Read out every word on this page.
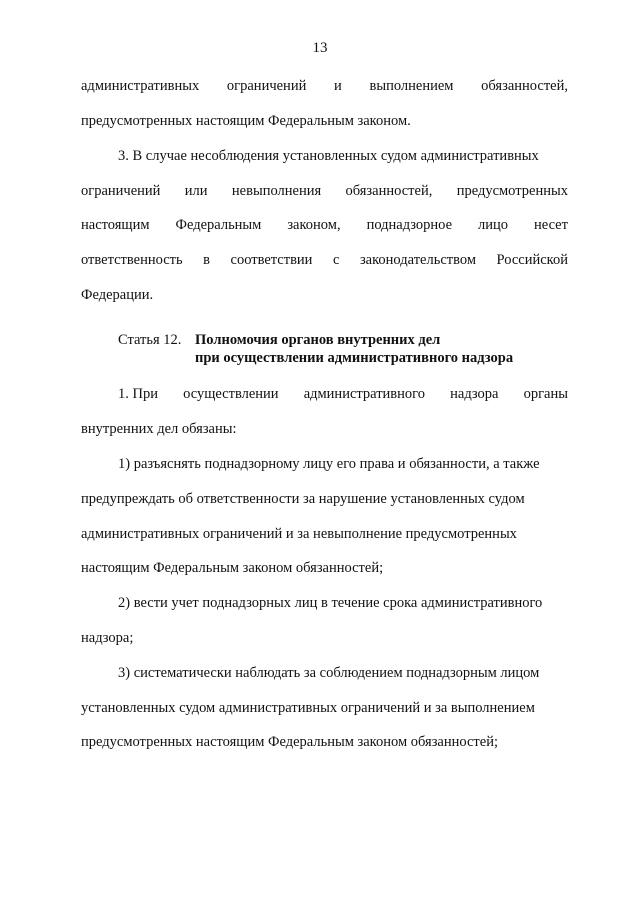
13
административных ограничений и выполнением обязанностей,
предусмотренных настоящим Федеральным законом.
3. В случае несоблюдения установленных судом административных
ограничений или невыполнения обязанностей, предусмотренных
настоящим Федеральным законом, поднадзорное лицо несет
ответственность в соответствии с законодательством Российской
Федерации.
Статья 12. Полномочия органов внутренних дел
при осуществлении административного надзора
1. При осуществлении административного надзора органы
внутренних дел обязаны:
1) разъяснять поднадзорному лицу его права и обязанности, а также
предупреждать об ответственности за нарушение установленных судом
административных ограничений и за невыполнение предусмотренных
настоящим Федеральным законом обязанностей;
2) вести учет поднадзорных лиц в течение срока административного
надзора;
3) систематически наблюдать за соблюдением поднадзорным лицом
установленных судом административных ограничений и за выполнением
предусмотренных настоящим Федеральным законом обязанностей;
